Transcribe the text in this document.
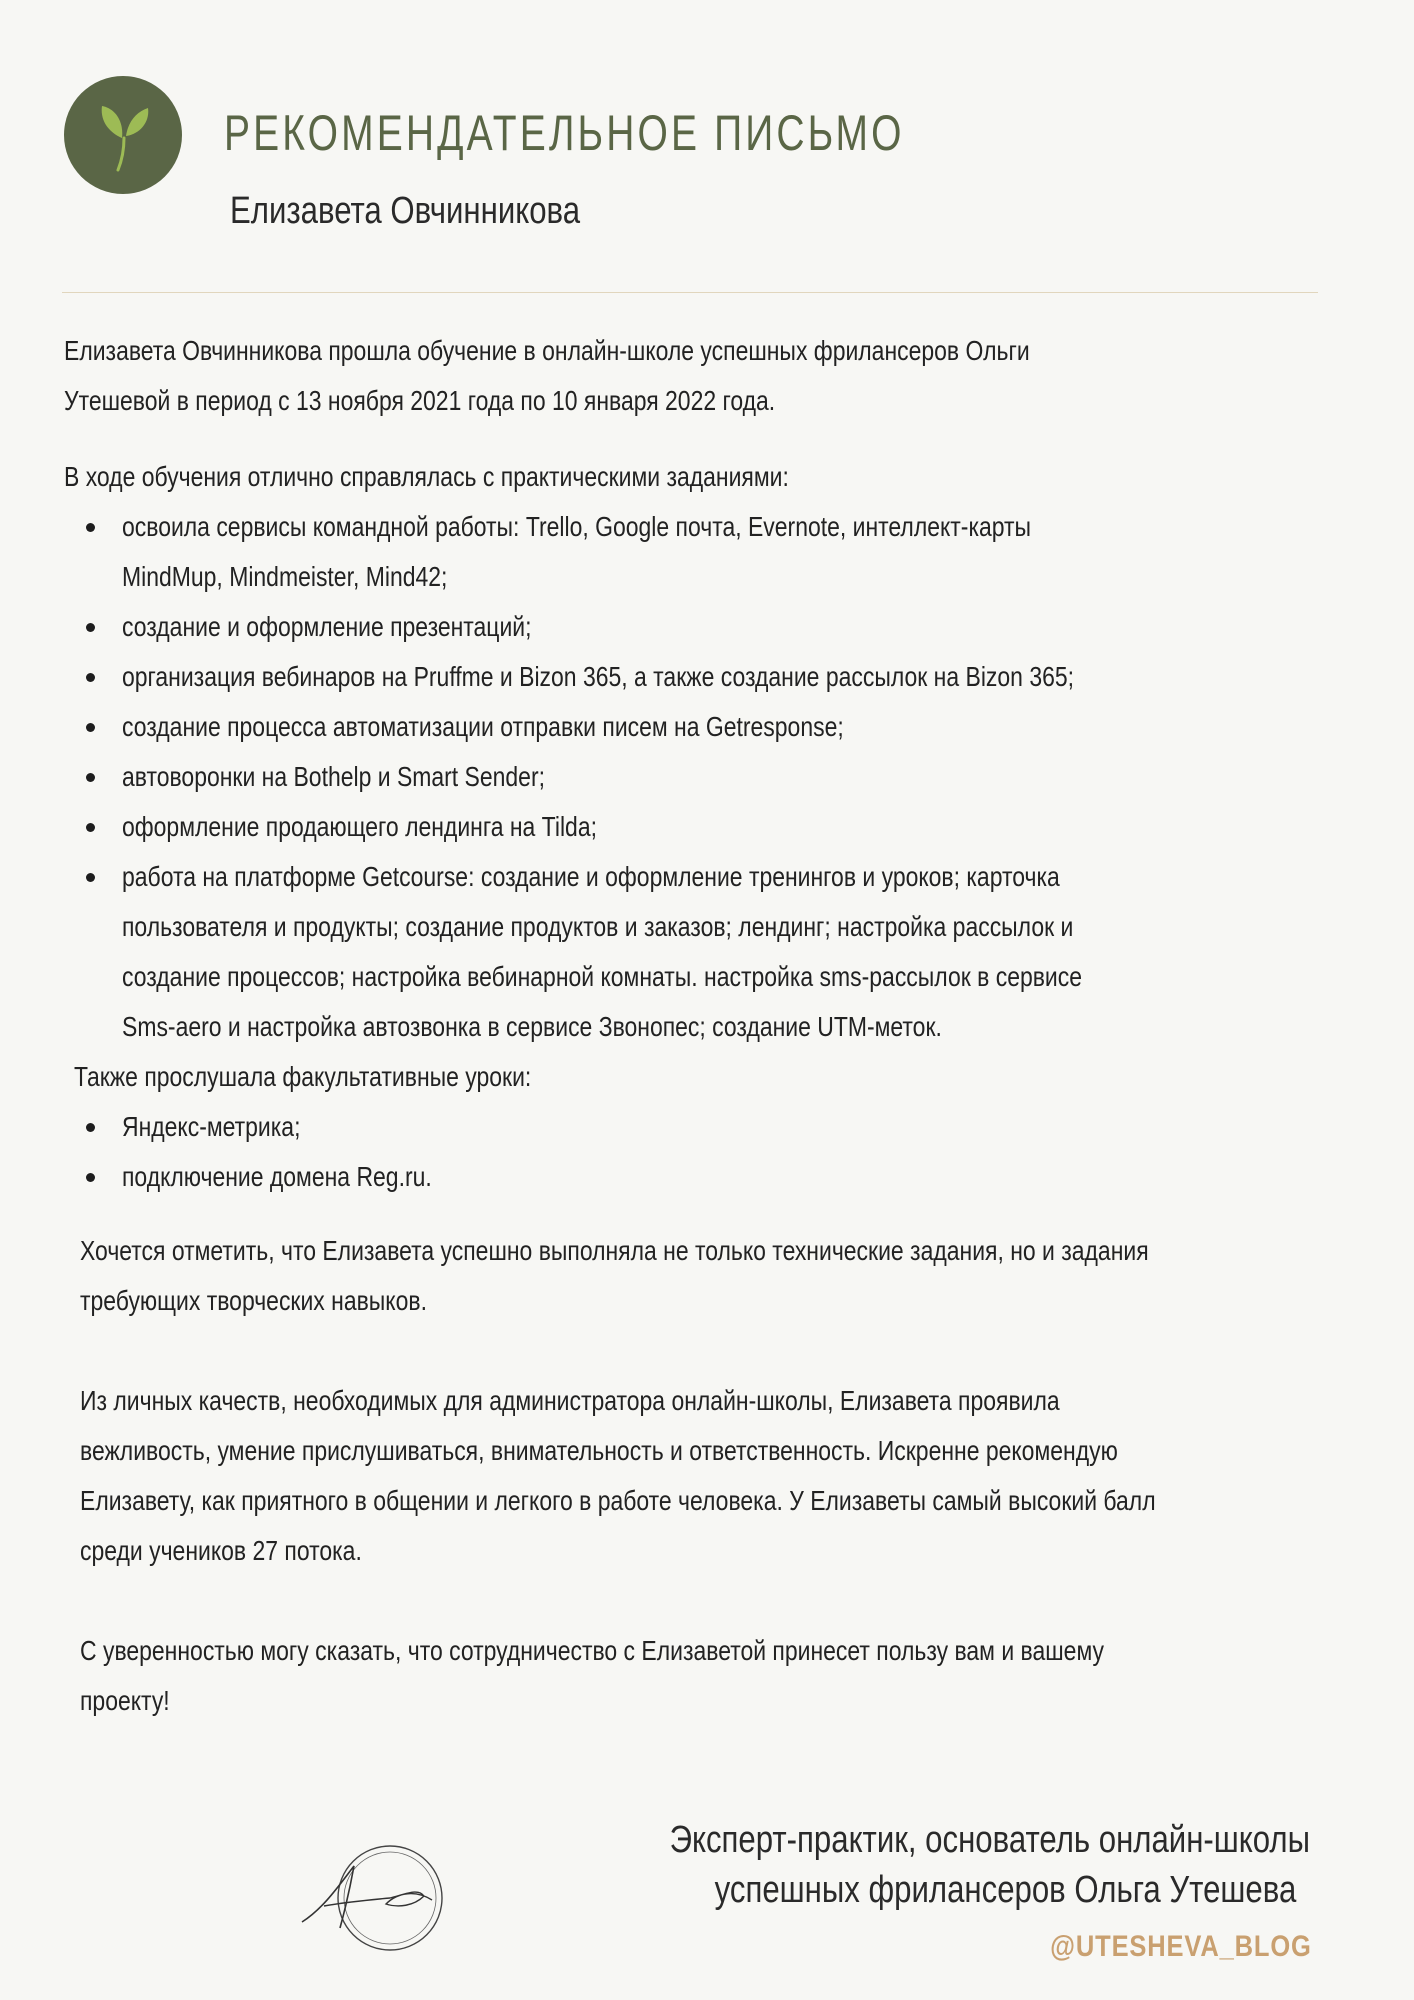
РЕКОМЕНДАТЕЛЬНОЕ ПИСЬМО
Елизавета Овчинникова

Елизавета Овчинникова прошла обучение в онлайн-школе успешных фрилансеров Ольги
Утешевой в период с 13 ноября 2021 года по 10 января 2022 года.

В ходе обучения отлично справлялась с практическими заданиями:

освоила сервисы командной работы: Trello, Google почта, Evernote, интеллект-карты
MindMup, Mindmeister, Mind42;
создание и оформление презентаций;
организация вебинаров на Pruffme и Bizon 365, а также создание рассылок на Bizon 365;
создание процесса автоматизации отправки писем на Getresponse;
автоворонки на Bothelp и Smart Sender;
оформление продающего лендинга на Tilda;
работа на платформе Getcourse: создание и оформление тренингов и уроков; карточка
пользователя и продукты; создание продуктов и заказов; лендинг; настройка рассылок и
создание процессов; настройка вебинарной комнаты. настройка sms-рассылок в сервисе
Sms-aero и настройка автозвонка в сервисе Звонопес; создание UTM-меток.

Также прослушала факультативные уроки:

Яндекс-метрика;
подключение домена Reg.ru.

Хочется отметить, что Елизавета успешно выполняла не только технические задания, но и задания
требующих творческих навыков.

Из личных качеств, необходимых для администратора онлайн-школы, Елизавета проявила
вежливость, умение прислушиваться, внимательность и ответственность. Искренне рекомендую
Елизавету, как приятного в общении и легкого в работе человека. У Елизаветы самый высокий балл
среди учеников 27 потока.

С уверенностью могу сказать, что сотрудничество с Елизаветой принесет пользу вам и вашему
проекту!

Эксперт-практик, основатель онлайн-школы
успешных фрилансеров Ольга Утешева
@UTESHEVA_BLOG
